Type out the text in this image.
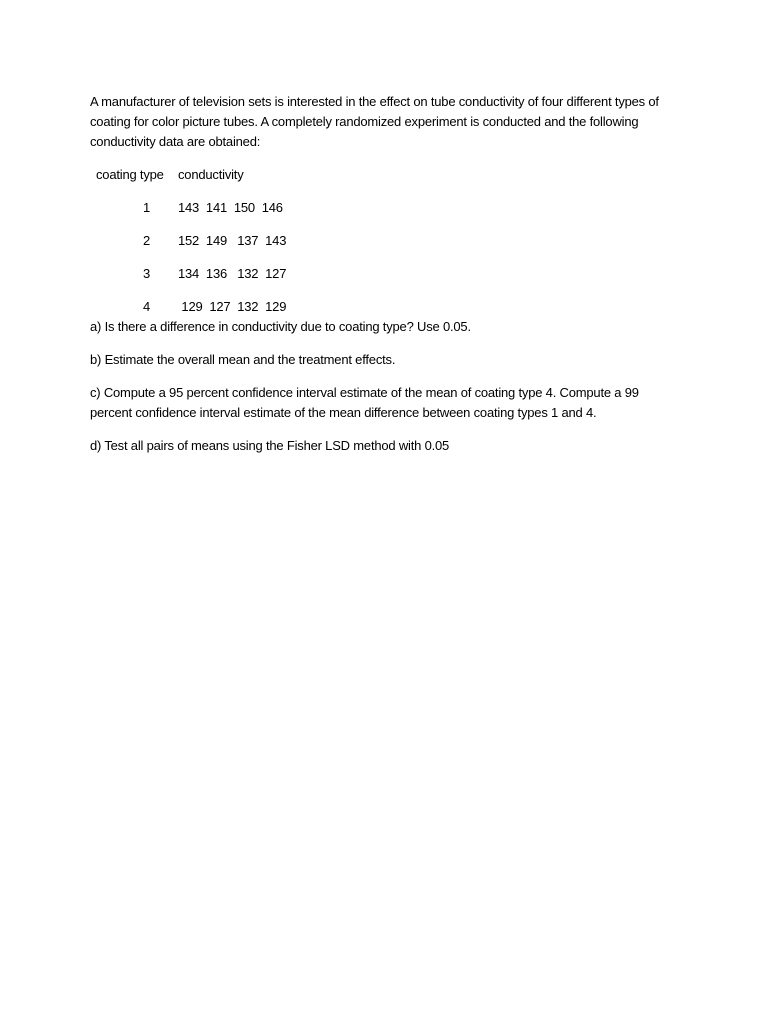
A manufacturer of television sets is interested in the effect on tube conductivity of four different types of coating for color picture tubes. A completely randomized experiment is conducted and the following conductivity data are obtained:

coating type conductivity
1 143  141  150  146
2 152  149   137  143
3 134  136   132  127
4 129  127  132  129

a) Is there a difference in conductivity due to coating type? Use 0.05.

b) Estimate the overall mean and the treatment effects.

c) Compute a 95 percent confidence interval estimate of the mean of coating type 4. Compute a 99 percent confidence interval estimate of the mean difference between coating types 1 and 4.

d) Test all pairs of means using the Fisher LSD method with 0.05
